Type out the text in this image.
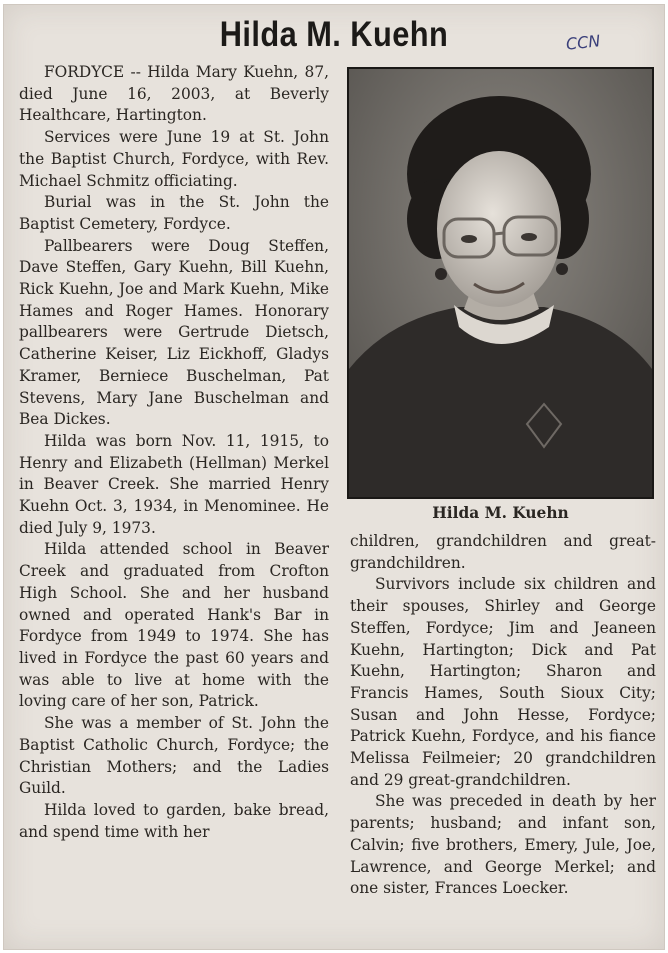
Hilda M. Kuehn	CCN

FORDYCE -- Hilda Mary Kuehn, 87, died June 16, 2003, at Beverly Healthcare, Hartington.

Services were June 19 at St. John the Baptist Church, Fordyce, with Rev. Michael Schmitz officiating.

Burial was in the St. John the Baptist Cemetery, Fordyce.

Pallbearers were Doug Steffen, Dave Steffen, Gary Kuehn, Bill Kuehn, Rick Kuehn, Joe and Mark Kuehn, Mike Hames and Roger Hames. Honorary pallbearers were Gertrude Dietsch, Catherine Keiser, Liz Eickhoff, Gladys Kramer, Berniece Buschelman, Pat Stevens, Mary Jane Buschelman and Bea Dickes.

Hilda was born Nov. 11, 1915, to Henry and Elizabeth (Hellman) Merkel in Beaver Creek. She married Henry Kuehn Oct. 3, 1934, in Menominee. He died July 9, 1973.

Hilda attended school in Beaver Creek and graduated from Crofton High School. She and her husband owned and operated Hank's Bar in Fordyce from 1949 to 1974. She has lived in Fordyce the past 60 years and was able to live at home with the loving care of her son, Patrick.

She was a member of St. John the Baptist Catholic Church, Fordyce; the Christian Mothers; and the Ladies Guild.

Hilda loved to garden, bake bread, and spend time with her

Hilda M. Kuehn

children, grandchildren and great-grandchildren.

Survivors include six children and their spouses, Shirley and George Steffen, Fordyce; Jim and Jeaneen Kuehn, Hartington; Dick and Pat Kuehn, Hartington; Sharon and Francis Hames, South Sioux City; Susan and John Hesse, Fordyce; Patrick Kuehn, Fordyce, and his fiance Melissa Feilmeier; 20 grandchildren and 29 great-grandchildren.

She was preceded in death by her parents; husband; and infant son, Calvin; five brothers, Emery, Jule, Joe, Lawrence, and George Merkel; and one sister, Frances Loecker.
